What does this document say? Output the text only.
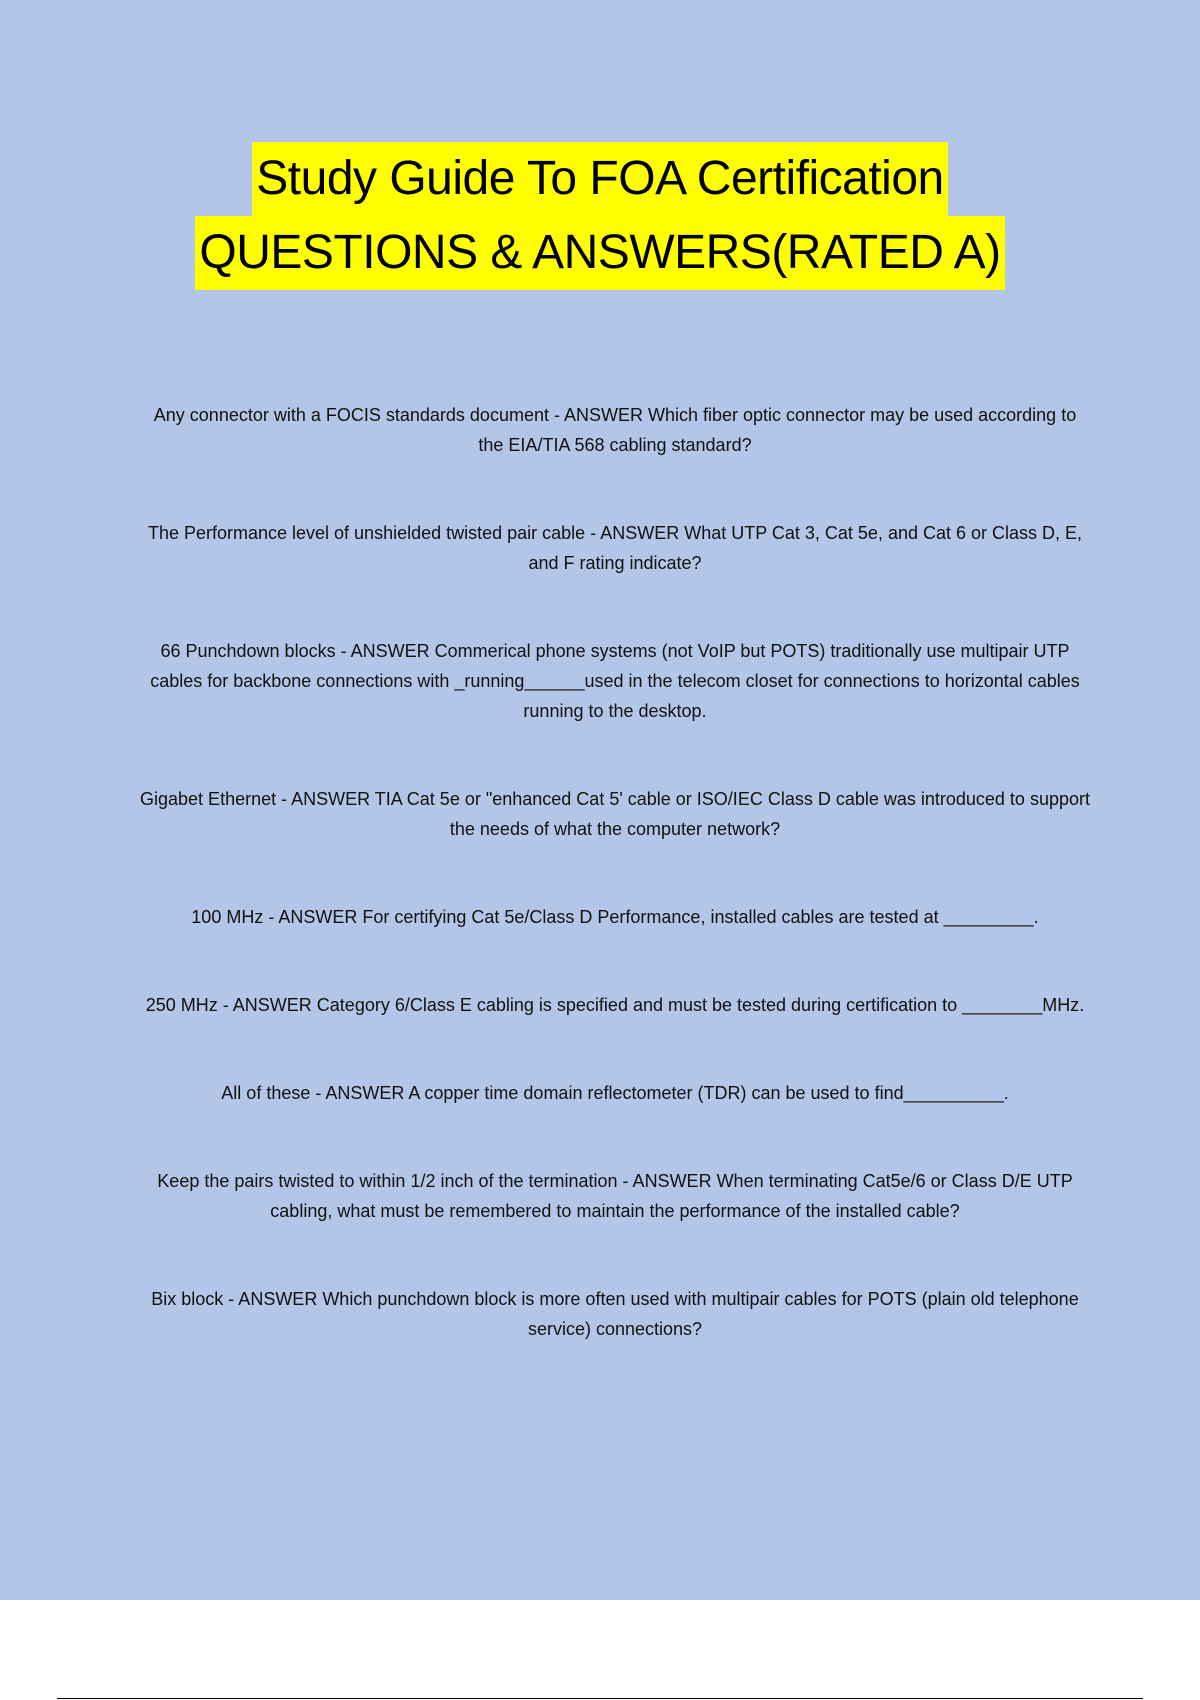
Study Guide To FOA Certification
QUESTIONS & ANSWERS(RATED A)

Any connector with a FOCIS standards document - ANSWER Which fiber optic connector may be used according to the EIA/TIA 568 cabling standard?

The Performance level of unshielded twisted pair cable - ANSWER What UTP Cat 3, Cat 5e, and Cat 6 or Class D, E, and F rating indicate?

66 Punchdown blocks - ANSWER Commerical phone systems (not VoIP but POTS) traditionally use multipair UTP cables for backbone connections with _running______used in the telecom closet for connections to horizontal cables running to the desktop.

Gigabet Ethernet - ANSWER TIA Cat 5e or "enhanced Cat 5' cable or ISO/IEC Class D cable was introduced to support the needs of what the computer network?

100 MHz - ANSWER For certifying Cat 5e/Class D Performance, installed cables are tested at _________.

250 MHz - ANSWER Category 6/Class E cabling is specified and must be tested during certification to ________MHz.

All of these - ANSWER A copper time domain reflectometer (TDR) can be used to find__________.

Keep the pairs twisted to within 1/2 inch of the termination - ANSWER When terminating Cat5e/6 or Class D/E UTP cabling, what must be remembered to maintain the performance of the installed cable?

Bix block - ANSWER Which punchdown block is more often used with multipair cables for POTS (plain old telephone service) connections?
